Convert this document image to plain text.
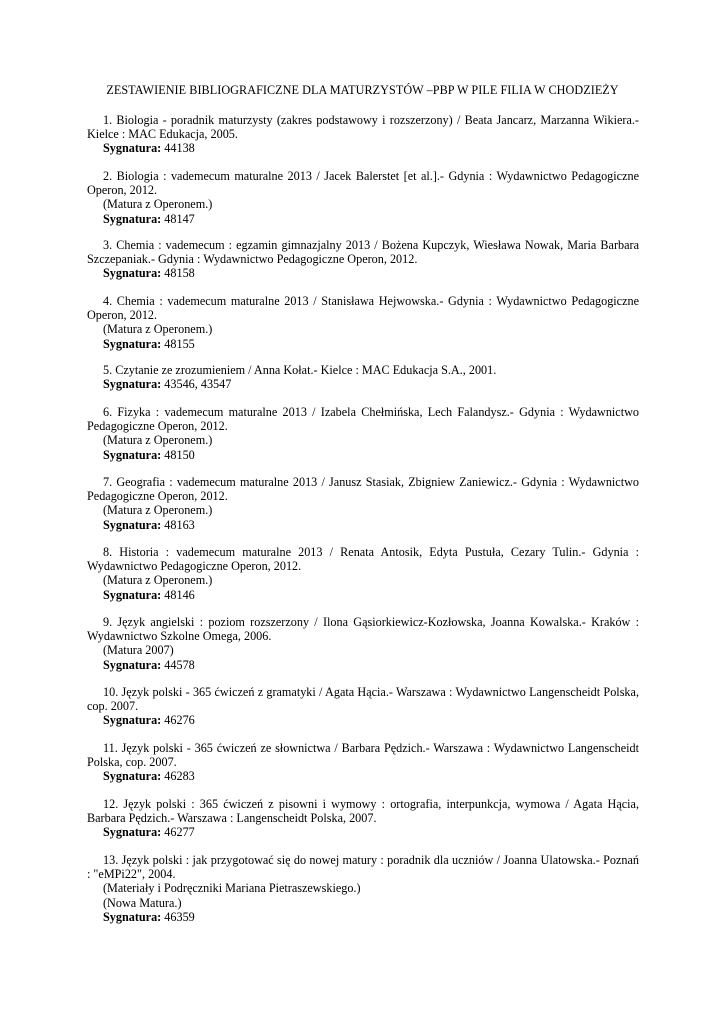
ZESTAWIENIE BIBLIOGRAFICZNE DLA MATURZYSTÓW –PBP W PILE FILIA W CHODZIEŻY

1. Biologia - poradnik maturzysty (zakres podstawowy i rozszerzony) / Beata Jancarz, Marzanna Wikiera.- Kielce : MAC Edukacja, 2005.

Sygnatura: 44138

2. Biologia : vademecum maturalne 2013 / Jacek Balerstet [et al.].- Gdynia : Wydawnictwo Pedagogiczne Operon, 2012.

(Matura z Operonem.)

Sygnatura: 48147

3. Chemia : vademecum : egzamin gimnazjalny 2013 / Bożena Kupczyk, Wiesława Nowak, Maria Barbara Szczepaniak.- Gdynia : Wydawnictwo Pedagogiczne Operon, 2012.

Sygnatura: 48158

4. Chemia : vademecum maturalne 2013 / Stanisława Hejwowska.- Gdynia : Wydawnictwo Pedagogiczne Operon, 2012.

(Matura z Operonem.)

Sygnatura: 48155

5. Czytanie ze zrozumieniem / Anna Kołat.- Kielce : MAC Edukacja S.A., 2001.

Sygnatura: 43546, 43547

6. Fizyka : vademecum maturalne 2013 / Izabela Chełmińska, Lech Falandysz.- Gdynia : Wydawnictwo Pedagogiczne Operon, 2012.

(Matura z Operonem.)

Sygnatura: 48150

7. Geografia : vademecum maturalne 2013 / Janusz Stasiak, Zbigniew Zaniewicz.- Gdynia : Wydawnictwo Pedagogiczne Operon, 2012.

(Matura z Operonem.)

Sygnatura: 48163

8. Historia : vademecum maturalne 2013 / Renata Antosik, Edyta Pustuła, Cezary Tulin.- Gdynia : Wydawnictwo Pedagogiczne Operon, 2012.

(Matura z Operonem.)

Sygnatura: 48146

9. Język angielski : poziom rozszerzony / Ilona Gąsiorkiewicz-Kozłowska, Joanna Kowalska.- Kraków : Wydawnictwo Szkolne Omega, 2006.

(Matura 2007)

Sygnatura: 44578

10. Język polski - 365 ćwiczeń z gramatyki / Agata Hącia.- Warszawa : Wydawnictwo Langenscheidt Polska, cop. 2007.

Sygnatura: 46276

11. Język polski - 365 ćwiczeń ze słownictwa / Barbara Pędzich.- Warszawa : Wydawnictwo Langenscheidt Polska, cop. 2007.

Sygnatura: 46283

12. Język polski : 365 ćwiczeń z pisowni i wymowy : ortografia, interpunkcja, wymowa / Agata Hącia, Barbara Pędzich.- Warszawa : Langenscheidt Polska, 2007.

Sygnatura: 46277

13. Język polski : jak przygotować się do nowej matury : poradnik dla uczniów / Joanna Ulatowska.- Poznań : "eMPi22", 2004.

(Materiały i Podręczniki Mariana Pietraszewskiego.)

(Nowa Matura.)

Sygnatura: 46359
